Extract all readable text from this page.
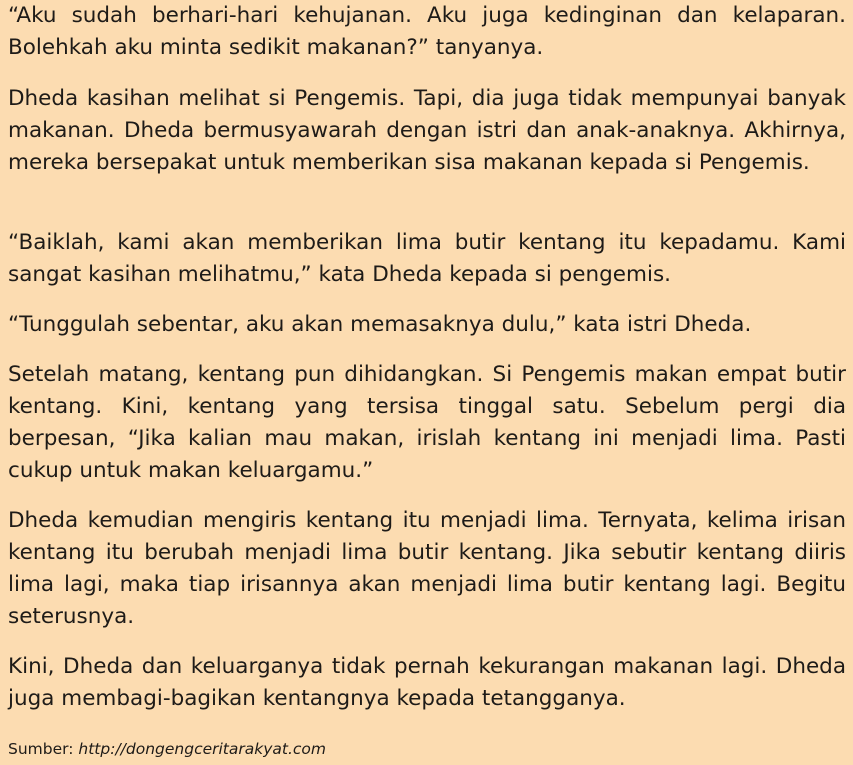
“Aku sudah berhari-hari kehujanan. Aku juga kedinginan dan kelaparan. Bolehkah aku minta sedikit makanan?” tanyanya.

Dheda kasihan melihat si Pengemis. Tapi, dia juga tidak mempunyai banyak makanan. Dheda bermusyawarah dengan istri dan anak-anaknya. Akhirnya, mereka bersepakat untuk memberikan sisa makanan kepada si Pengemis.

“Baiklah, kami akan memberikan lima butir kentang itu kepadamu. Kami sangat kasihan melihatmu,” kata Dheda kepada si pengemis.

“Tunggulah sebentar, aku akan memasaknya dulu,” kata istri Dheda.

Setelah matang, kentang pun dihidangkan. Si Pengemis makan empat butir kentang. Kini, kentang yang tersisa tinggal satu. Sebelum pergi dia berpesan, “Jika kalian mau makan, irislah kentang ini menjadi lima. Pasti cukup untuk makan keluargamu.”

Dheda kemudian mengiris kentang itu menjadi lima. Ternyata, kelima irisan kentang itu berubah menjadi lima butir kentang. Jika sebutir kentang diiris lima lagi, maka tiap irisannya akan menjadi lima butir kentang lagi. Begitu seterusnya.

Kini, Dheda dan keluarganya tidak pernah kekurangan makanan lagi. Dheda juga membagi-bagikan kentangnya kepada tetangganya.

Sumber: http://dongengceritarakyat.com
